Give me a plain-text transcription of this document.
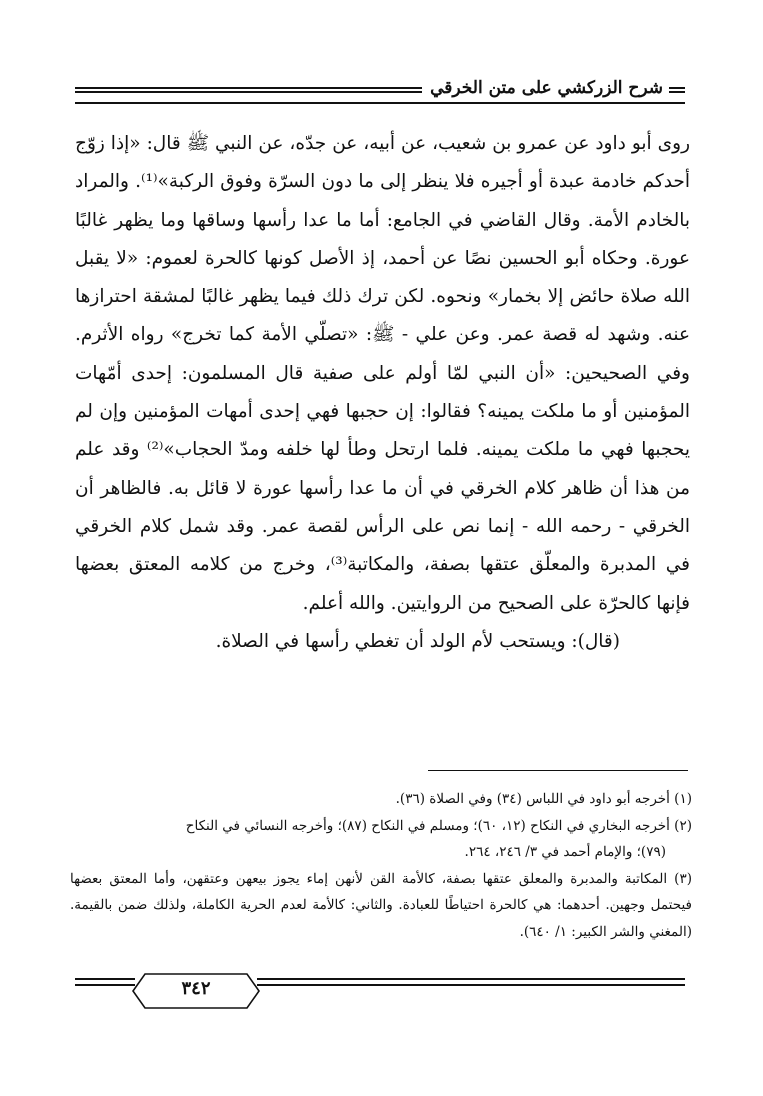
شرح الزركشي على متن الخرقي

روى أبو داود عن عمرو بن شعيب، عن أبيه، عن جدّه، عن النبي ﷺ قال: «إذا زوّج أحدكم خادمة عبدة أو أجيره فلا ينظر إلى ما دون السرّة وفوق الركبة»⁽¹⁾. والمراد بالخادم الأمة. وقال القاضي في الجامع: أما ما عدا رأسها وساقها وما يظهر غالبًا عورة. وحكاه أبو الحسين نصًا عن أحمد، إذ الأصل كونها كالحرة لعموم: «لا يقبل الله صلاة حائض إلا بخمار» ونحوه. لكن ترك ذلك فيما يظهر غالبًا لمشقة احترازها عنه. وشهد له قصة عمر. وعن علي - ﷺ: «تصلّي الأمة كما تخرج» رواه الأثرم. وفي الصحيحين: «أن النبي لمّا أولم على صفية قال المسلمون: إحدى أمّهات المؤمنين أو ما ملكت يمينه؟ فقالوا: إن حجبها فهي إحدى أمهات المؤمنين وإن لم يحجبها فهي ما ملكت يمينه. فلما ارتحل وطأ لها خلفه ومدّ الحجاب»⁽²⁾ وقد علم من هذا أن ظاهر كلام الخرقي في أن ما عدا رأسها عورة لا قائل به. فالظاهر أن الخرقي - رحمه الله - إنما نص على الرأس لقصة عمر. وقد شمل كلام الخرقي في المدبرة والمعلّق عتقها بصفة، والمكاتبة⁽³⁾، وخرج من كلامه المعتق بعضها فإنها كالحرّة على الصحيح من الروايتين. والله أعلم.

(قال): ويستحب لأم الولد أن تغطي رأسها في الصلاة.

(١) أخرجه أبو داود في اللباس (٣٤) وفي الصلاة (٣٦).

(٢) أخرجه البخاري في النكاح (١٢، ٦٠)؛ ومسلم في النكاح (٨٧)؛ وأخرجه النسائي في النكاح

(٧٩)؛ والإمام أحمد في ٣/ ٢٤٦، ٢٦٤.

(٣) المكاتبة والمدبرة والمعلق عتقها بصفة، كالأمة القن لأنهن إماء يجوز بيعهن وعتقهن، وأما المعتق بعضها فيحتمل وجهين. أحدهما: هي كالحرة احتياطًا للعبادة. والثاني: كالأمة لعدم الحرية الكاملة، ولذلك ضمن بالقيمة. (المغني والشر الكبير: ١/ ٦٤٠).

٣٤٢
